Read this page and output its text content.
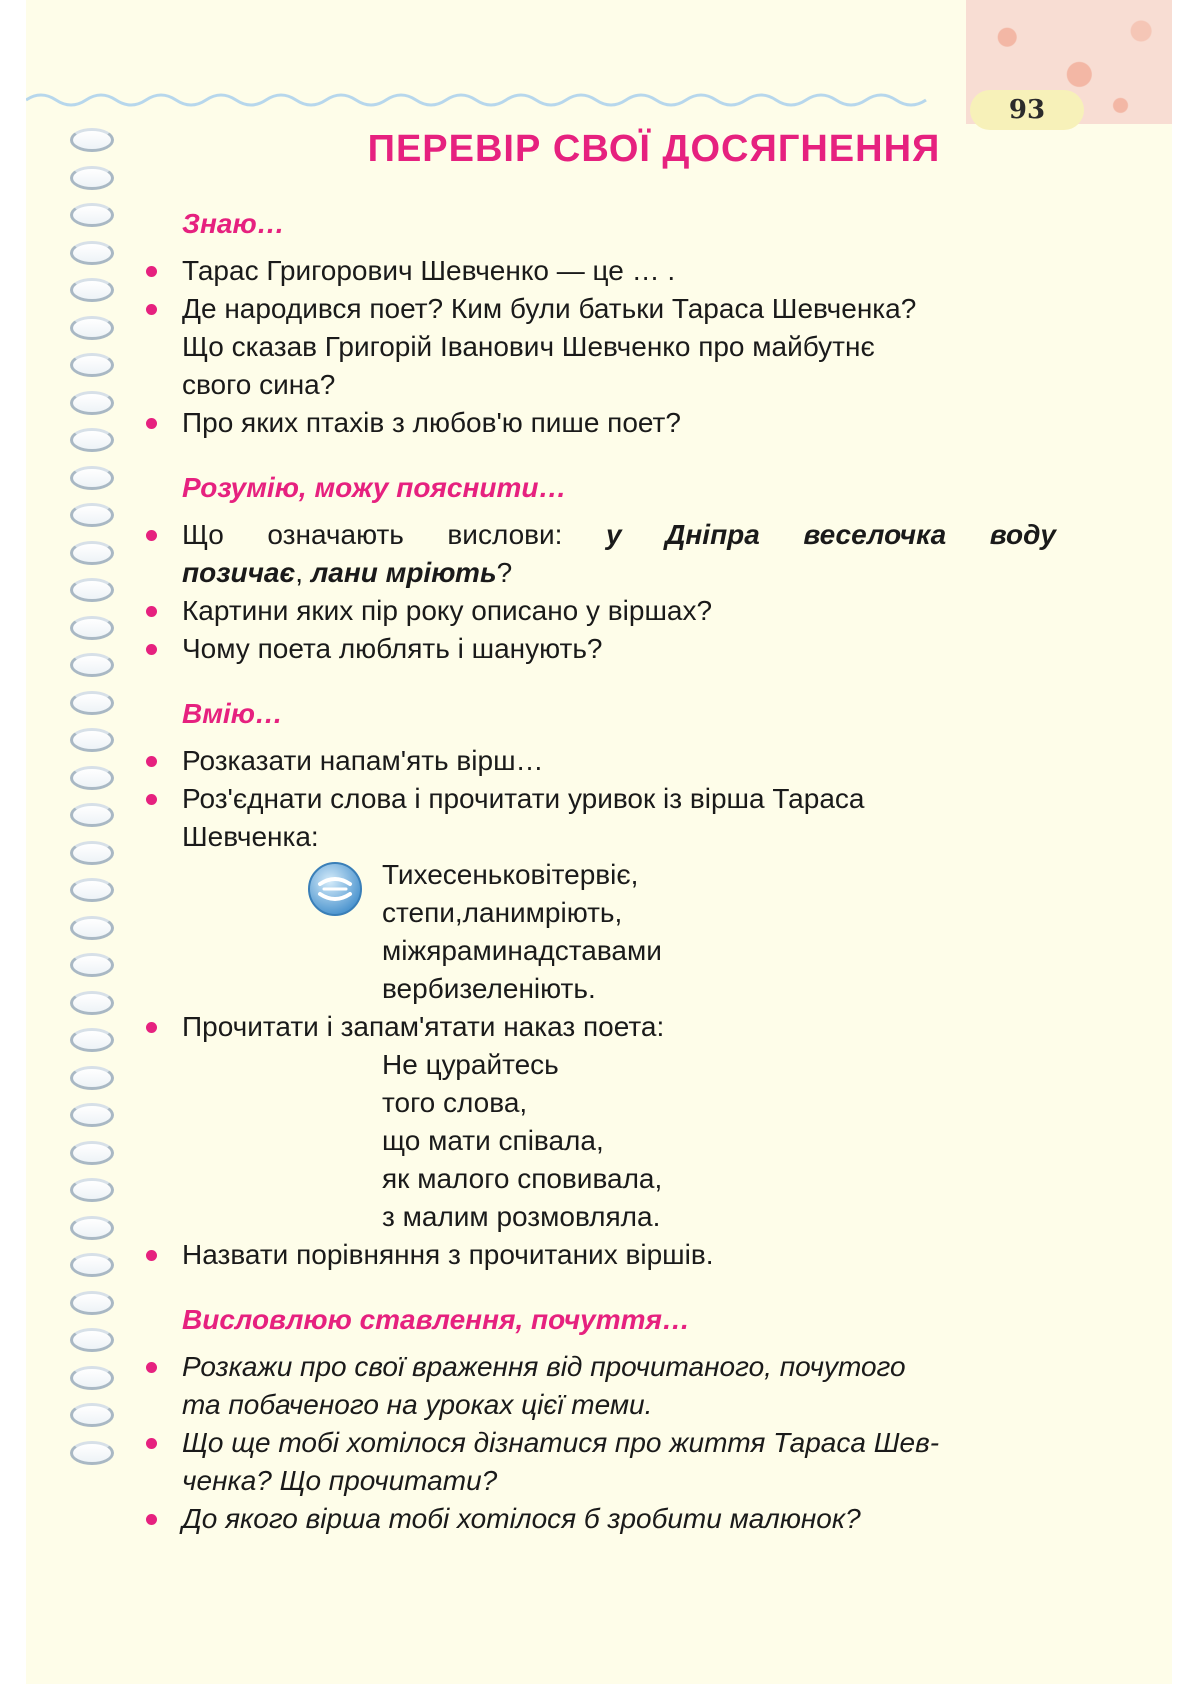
93
ПЕРЕВІР СВОЇ ДОСЯГНЕННЯ
Знаю…
Тарас Григорович Шевченко — це … .
Де народився поет? Ким були батьки Тараса Шевченка?
Що сказав Григорій Іванович Шевченко про майбутнє
свого сина?
Про яких птахів з любов'ю пише поет?
Розумію, можу пояснити…
Що означають вислови: у Дніпра веселочка воду
позичає, лани мріють?
Картини яких пір року описано у віршах?
Чому поета люблять і шанують?
Вмію…
Розказати напам'ять вірш…
Роз'єднати слова і прочитати уривок із вірша Тараса
Шевченка:
Тихесеньковітервіє,
степи,ланимріють,
міжяраминадставами
вербизеленіють.
Прочитати і запам'ятати наказ поета:
Не цурайтесь
того слова,
що мати співала,
як малого сповивала,
з малим розмовляла.
Назвати порівняння з прочитаних віршів.
Висловлюю ставлення, почуття…
Розкажи про свої враження від прочитаного, почутого
та побаченого на уроках цієї теми.
Що ще тобі хотілося дізнатися про життя Тараса Шев-
ченка? Що прочитати?
До якого вірша тобі хотілося б зробити малюнок?
